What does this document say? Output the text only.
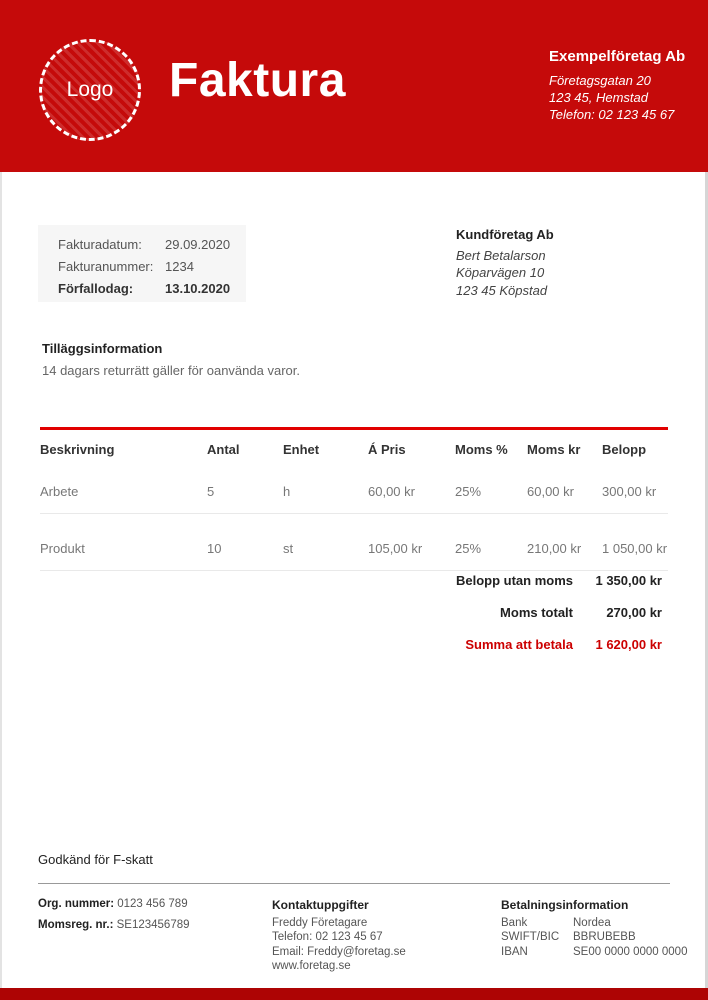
Logo Faktura	Exempelföretag Ab
Företagsgatan 20
123 45, Hemstad
Telefon: 02 123 45 67
Fakturadatum: 29.09.2020
Fakturanummer: 1234
Förfallodag: 13.10.2020
Kundföretag Ab
Bert Betalarson
Köparvägen 10
123 45 Köpstad
Tilläggsinformation
14 dagars returrätt gäller för oanvända varor.
Beskrivning	Antal	Enhet	Á Pris	Moms %	Moms kr	Belopp
Arbete	5	h	60,00 kr	25%	60,00 kr	300,00 kr
Produkt	10	st	105,00 kr	25%	210,00 kr	1 050,00 kr
Belopp utan moms	1 350,00 kr
Moms totalt	270,00 kr
Summa att betala	1 620,00 kr
Godkänd för F-skatt
Org. nummer: 0123 456 789
Momsreg. nr.: SE123456789
Kontaktuppgifter
Freddy Företagare
Telefon: 02 123 45 67
Email: Freddy@foretag.se
www.foretag.se
Betalningsinformation
Bank	Nordea
SWIFT/BIC	BBRUBEBB
IBAN	SE00 0000 0000 0000
